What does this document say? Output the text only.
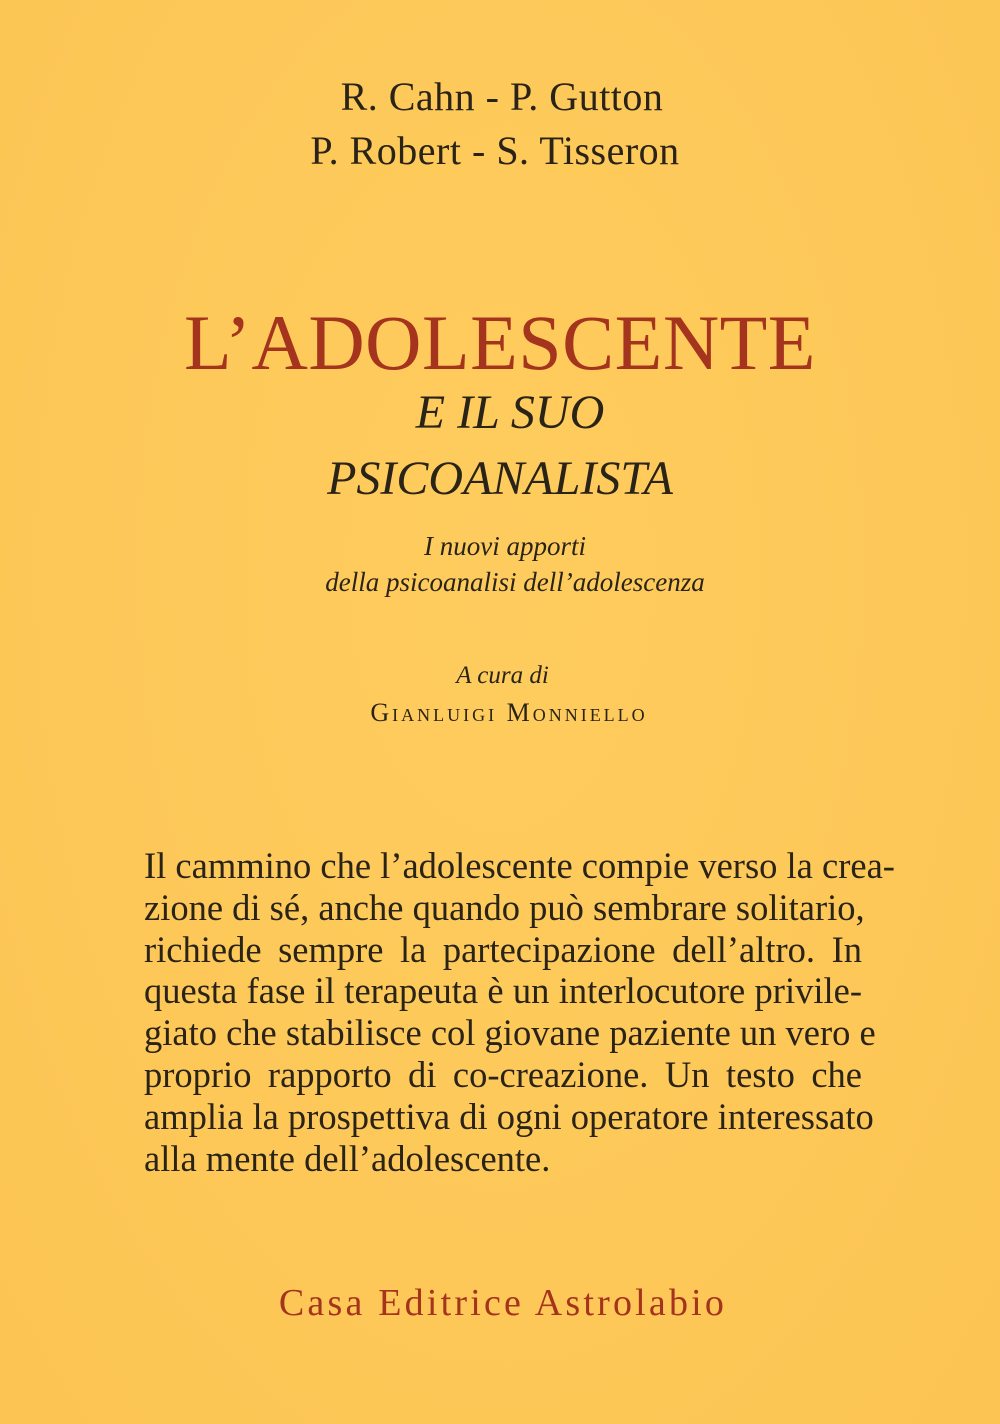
R. Cahn - P. Gutton
P. Robert - S. Tisseron
L’ADOLESCENTE
E IL SUO
PSICOANALISTA
I nuovi apporti
della psicoanalisi dell’adolescenza
A cura di
Gianluigi Monniello
Il cammino che l’adolescente compie verso la crea-
zione di sé, anche quando può sembrare solitario,
richiede sempre la partecipazione dell’altro. In
questa fase il terapeuta è un interlocutore privile-
giato che stabilisce col giovane paziente un vero e
proprio rapporto di co-creazione. Un testo che
amplia la prospettiva di ogni operatore interessato
alla mente dell’adolescente.
Casa Editrice Astrolabio
